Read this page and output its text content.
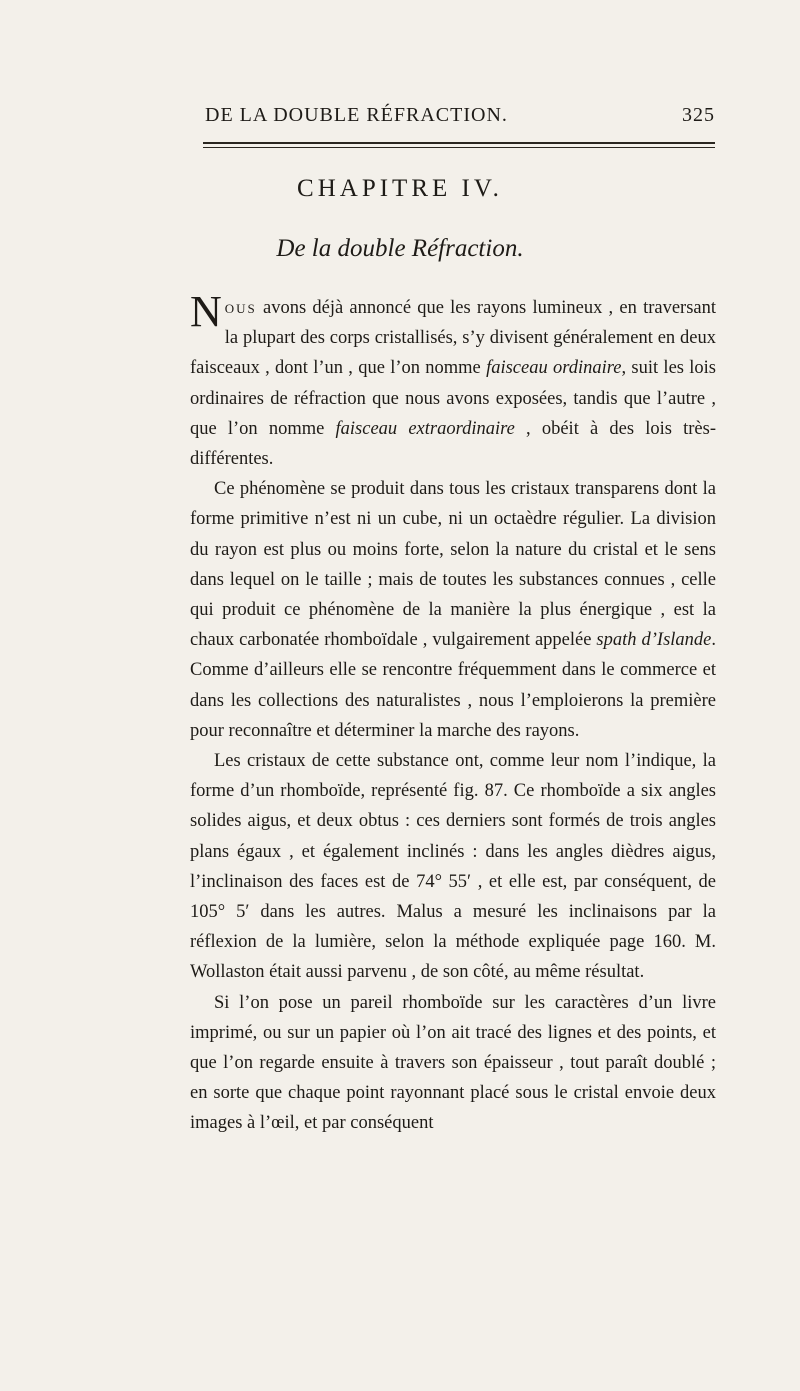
DE LA DOUBLE RÉFRACTION.	325
CHAPITRE IV.
De la double Réfraction.

Nous avons déjà annoncé que les rayons lumineux , en traversant la plupart des corps cristallisés, s’y divisent généralement en deux faisceaux , dont l’un , que l’on nomme faisceau ordinaire, suit les lois ordinaires de réfraction que nous avons exposées, tandis que l’autre , que l’on nomme faisceau extraordinaire , obéit à des lois très-différentes.

Ce phénomène se produit dans tous les cristaux transparens dont la forme primitive n’est ni un cube, ni un octaèdre régulier. La division du rayon est plus ou moins forte, selon la nature du cristal et le sens dans lequel on le taille ; mais de toutes les substances connues , celle qui produit ce phénomène de la manière la plus énergique , est la chaux carbonatée rhomboïdale , vulgairement appelée spath d’Islande. Comme d’ailleurs elle se rencontre fréquemment dans le commerce et dans les collections des naturalistes , nous l’emploierons la première pour reconnaître et déterminer la marche des rayons.

Les cristaux de cette substance ont, comme leur nom l’indique, la forme d’un rhomboïde, représenté fig. 87. Ce rhomboïde a six angles solides aigus, et deux obtus : ces derniers sont formés de trois angles plans égaux , et également inclinés : dans les angles dièdres aigus, l’inclinaison des faces est de 74° 55′ , et elle est, par conséquent, de 105° 5′ dans les autres. Malus a mesuré les inclinaisons par la réflexion de la lumière, selon la méthode expliquée page 160. M. Wollaston était aussi parvenu , de son côté, au même résultat.

Si l’on pose un pareil rhomboïde sur les caractères d’un livre imprimé, ou sur un papier où l’on ait tracé des lignes et des points, et que l’on regarde ensuite à travers son épaisseur , tout paraît doublé ; en sorte que chaque point rayonnant placé sous le cristal envoie deux images à l’œil, et par conséquent
